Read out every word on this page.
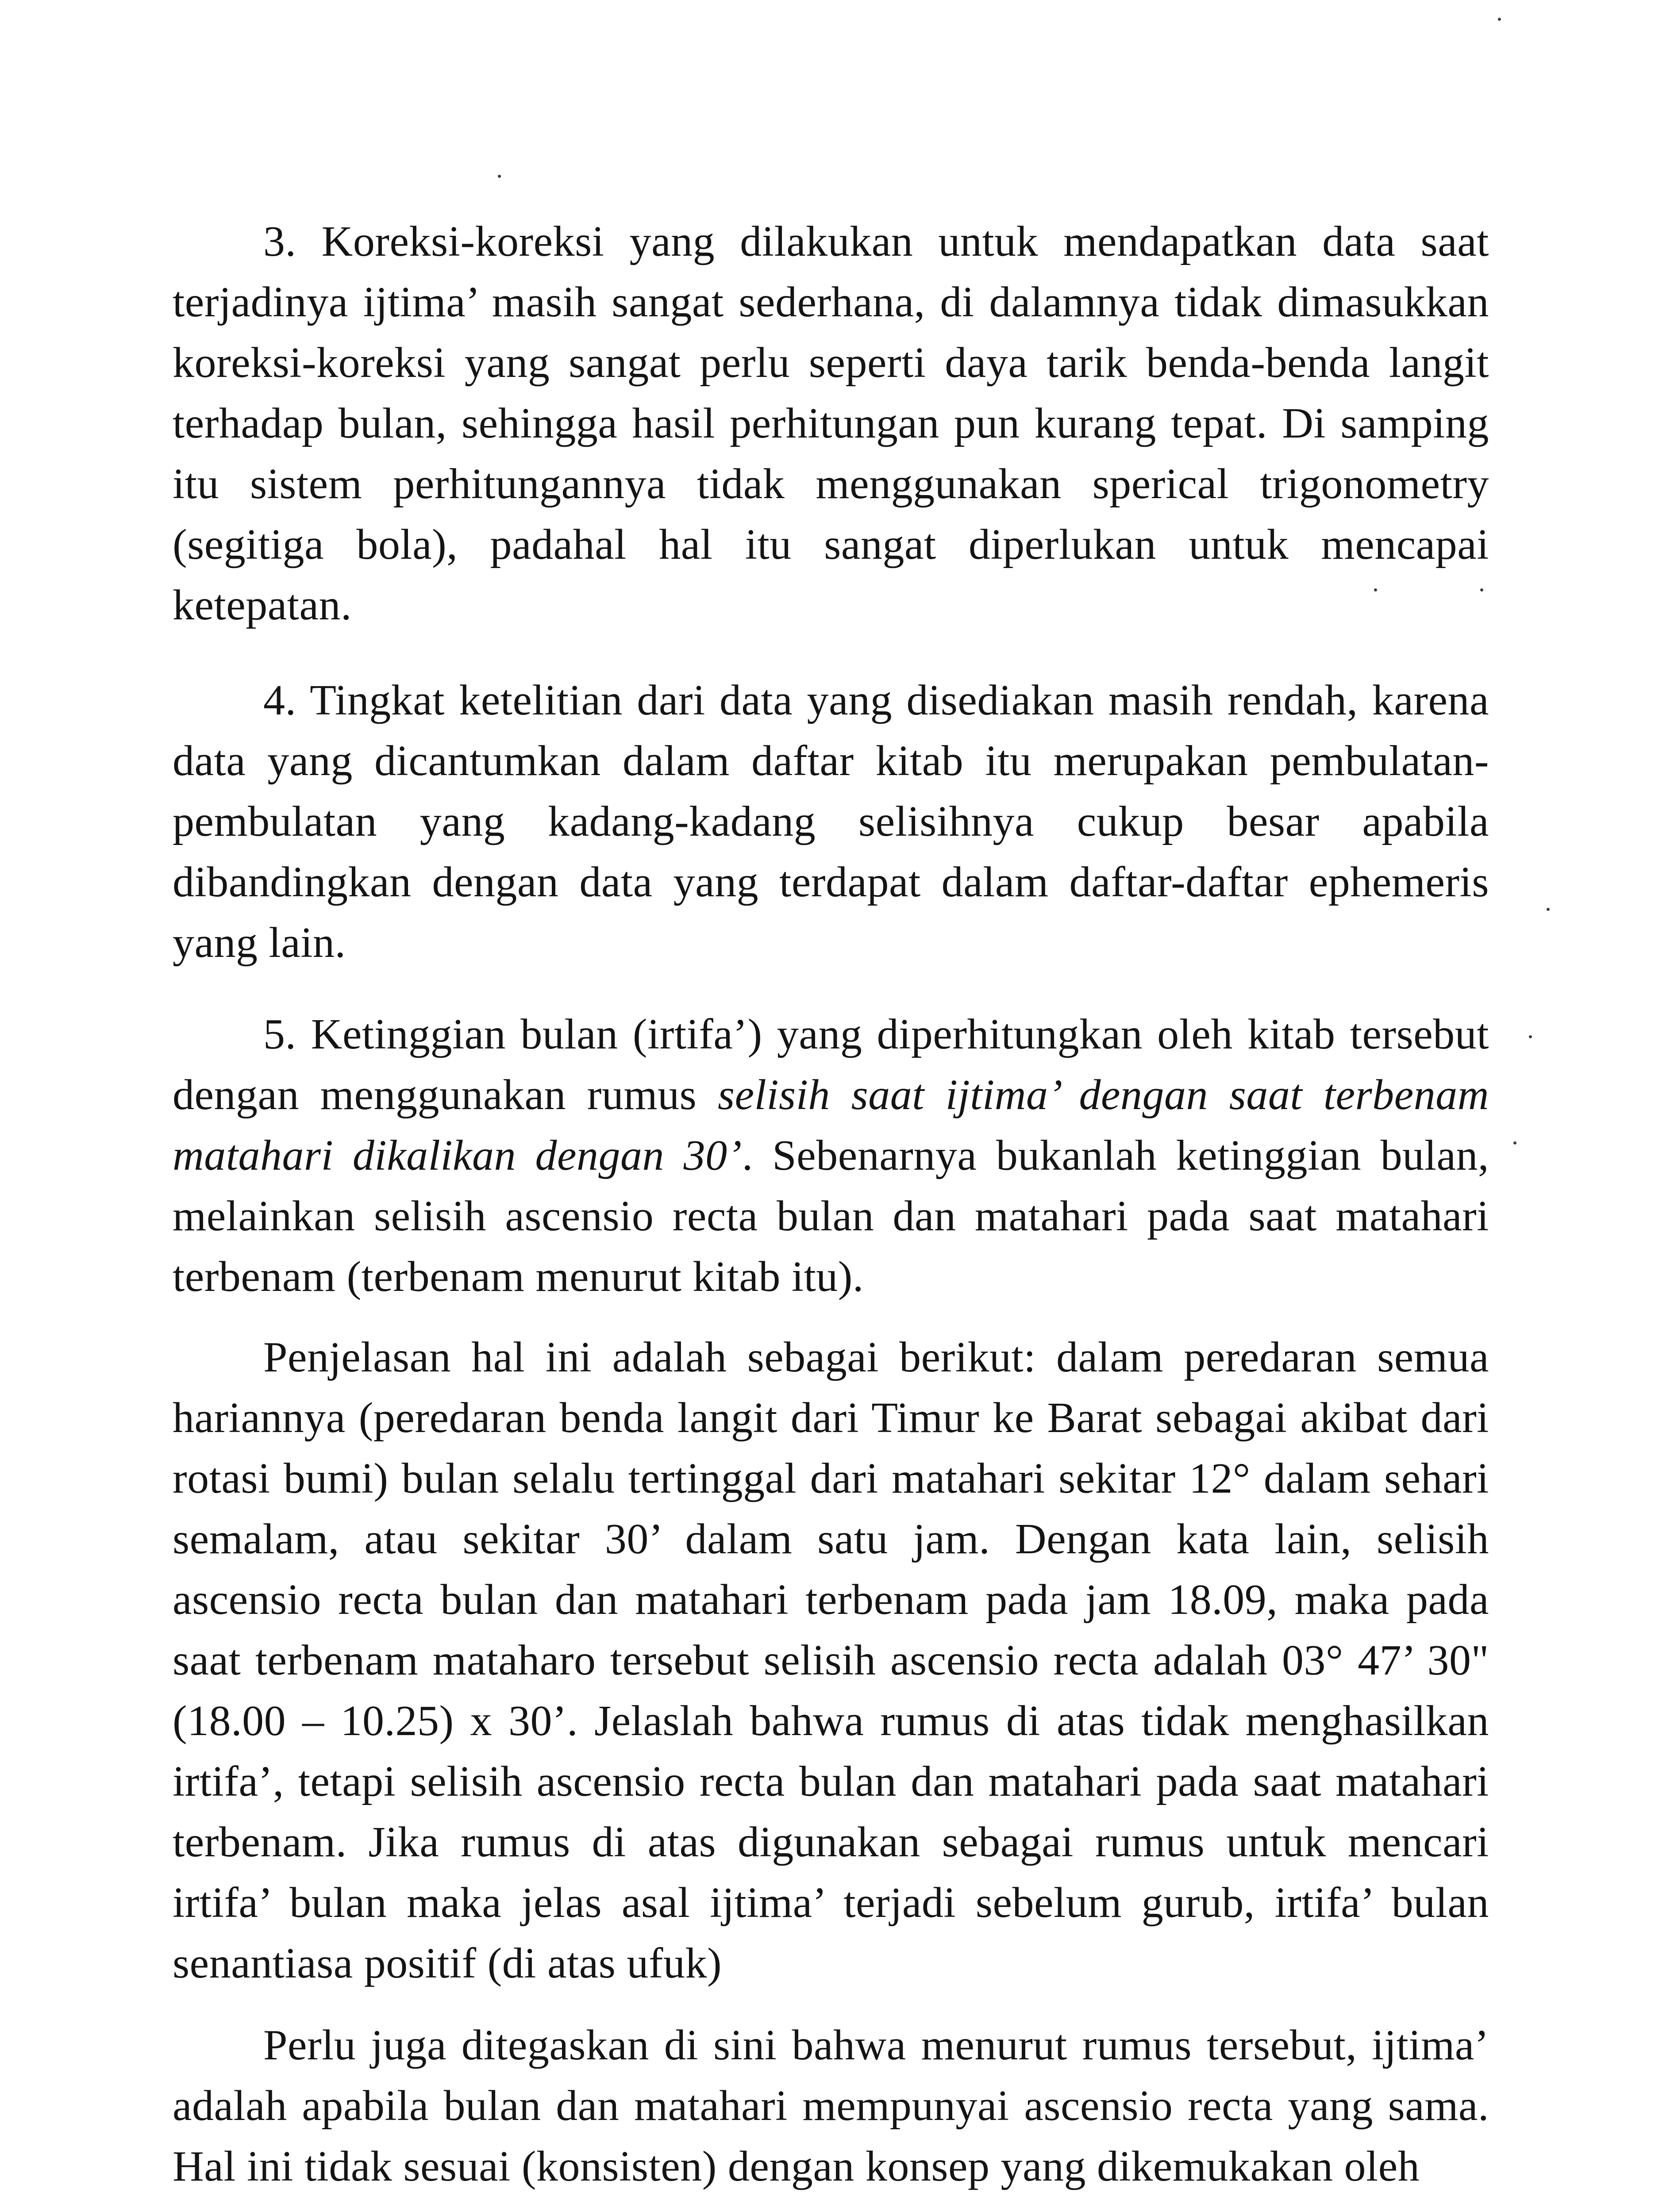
3. Koreksi-koreksi yang dilakukan untuk mendapatkan data saat terjadinya ijtima’ masih sangat sederhana, di dalamnya tidak dimasukkan koreksi-koreksi yang sangat perlu seperti daya tarik benda-benda langit terhadap bulan, sehingga hasil perhitungan pun kurang tepat. Di samping itu sistem perhitungannya tidak menggunakan sperical trigonometry (segitiga bola), padahal hal itu sangat diperlukan untuk mencapai ketepatan.

4. Tingkat ketelitian dari data yang disediakan masih rendah, karena data yang dicantumkan dalam daftar kitab itu merupakan pembulatan-pembulatan yang kadang-kadang selisihnya cukup besar apabila dibandingkan dengan data yang terdapat dalam daftar-daftar ephemeris yang lain.

5. Ketinggian bulan (irtifa’) yang diperhitungkan oleh kitab tersebut dengan menggunakan rumus selisih saat ijtima’ dengan saat terbenam matahari dikalikan dengan 30’. Sebenarnya bukanlah ketinggian bulan, melainkan selisih ascensio recta bulan dan matahari pada saat matahari terbenam (terbenam menurut kitab itu).

Penjelasan hal ini adalah sebagai berikut: dalam peredaran semua hariannya (peredaran benda langit dari Timur ke Barat sebagai akibat dari rotasi bumi) bulan selalu tertinggal dari matahari sekitar 12° dalam sehari semalam, atau sekitar 30’ dalam satu jam. Dengan kata lain, selisih ascensio recta bulan dan matahari terbenam pada jam 18.09, maka pada saat terbenam mataharo tersebut selisih ascensio recta adalah 03° 47’ 30" (18.00 – 10.25) x 30’. Jelaslah bahwa rumus di atas tidak menghasilkan irtifa’, tetapi selisih ascensio recta bulan dan matahari pada saat matahari terbenam. Jika rumus di atas digunakan sebagai rumus untuk mencari irtifa’ bulan maka jelas asal ijtima’ terjadi sebelum gurub, irtifa’ bulan senantiasa positif (di atas ufuk)

Perlu juga ditegaskan di sini bahwa menurut rumus tersebut, ijtima’ adalah apabila bulan dan matahari mempunyai ascensio recta yang sama. Hal ini tidak sesuai (konsisten) dengan konsep yang dikemukakan oleh
